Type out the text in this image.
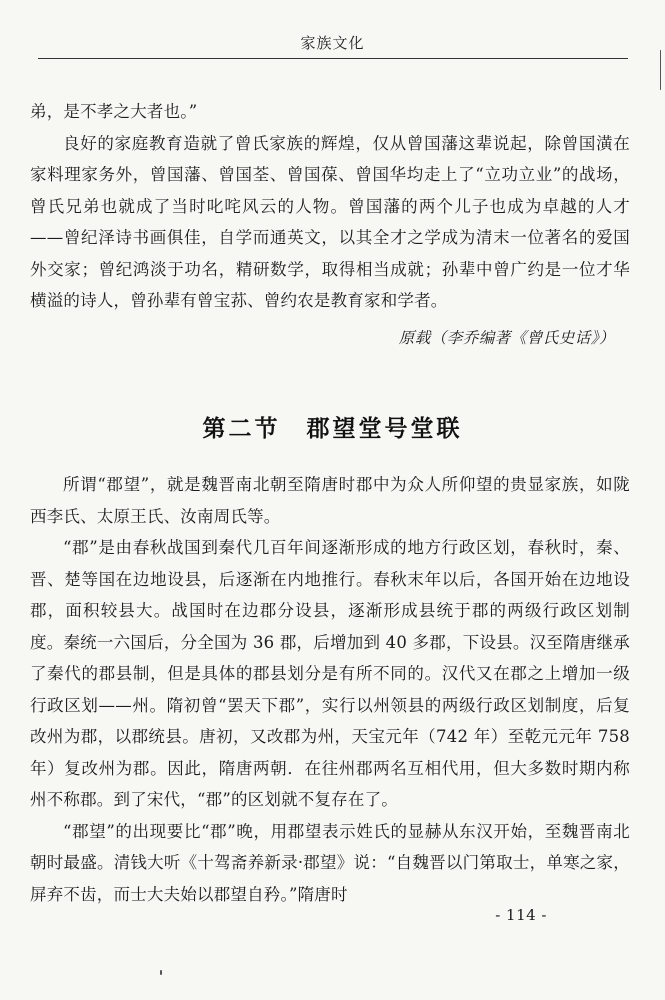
家族文化

弟，是不孝之大者也。”

良好的家庭教育造就了曾氏家族的辉煌，仅从曾国藩这辈说起，除曾国潢在家料理家务外，曾国藩、曾国荃、曾国葆、曾国华均走上了“立功立业”的战场，曾氏兄弟也就成了当时叱咤风云的人物。曾国藩的两个儿子也成为卓越的人才——曾纪泽诗书画俱佳，自学而通英文，以其全才之学成为清末一位著名的爱国外交家；曾纪鸿淡于功名，精研数学，取得相当成就；孙辈中曾广约是一位才华横溢的诗人，曾孙辈有曾宝荪、曾约农是教育家和学者。

原载（李乔编著《曾氏史话》）
第二节　郡望堂号堂联

所谓“郡望”，就是魏晋南北朝至隋唐时郡中为众人所仰望的贵显家族，如陇西李氏、太原王氏、汝南周氏等。

“郡”是由春秋战国到秦代几百年间逐渐形成的地方行政区划，春秋时，秦、晋、楚等国在边地设县，后逐渐在内地推行。春秋末年以后，各国开始在边地设郡，面积较县大。战国时在边郡分设县，逐渐形成县统于郡的两级行政区划制度。秦统一六国后，分全国为 36 郡，后增加到 40 多郡，下设县。汉至隋唐继承了秦代的郡县制，但是具体的郡县划分是有所不同的。汉代又在郡之上增加一级行政区划——州。隋初曾“罢天下郡”，实行以州领县的两级行政区划制度，后复改州为郡，以郡统县。唐初，又改郡为州，天宝元年（742 年）至乾元元年 758 年）复改州为郡。因此，隋唐两朝．在往州郡两名互相代用，但大多数时期内称州不称郡。到了宋代，“郡”的区划就不复存在了。

“郡望”的出现要比“郡”晚，用郡望表示姓氏的显赫从东汉开始，至魏晋南北朝时最盛。清钱大听《十驾斋养新录·郡望》说：“自魏晋以门第取士，单寒之家，屏弃不齿，而士大夫始以郡望自矜。”隋唐时

- 114 -
